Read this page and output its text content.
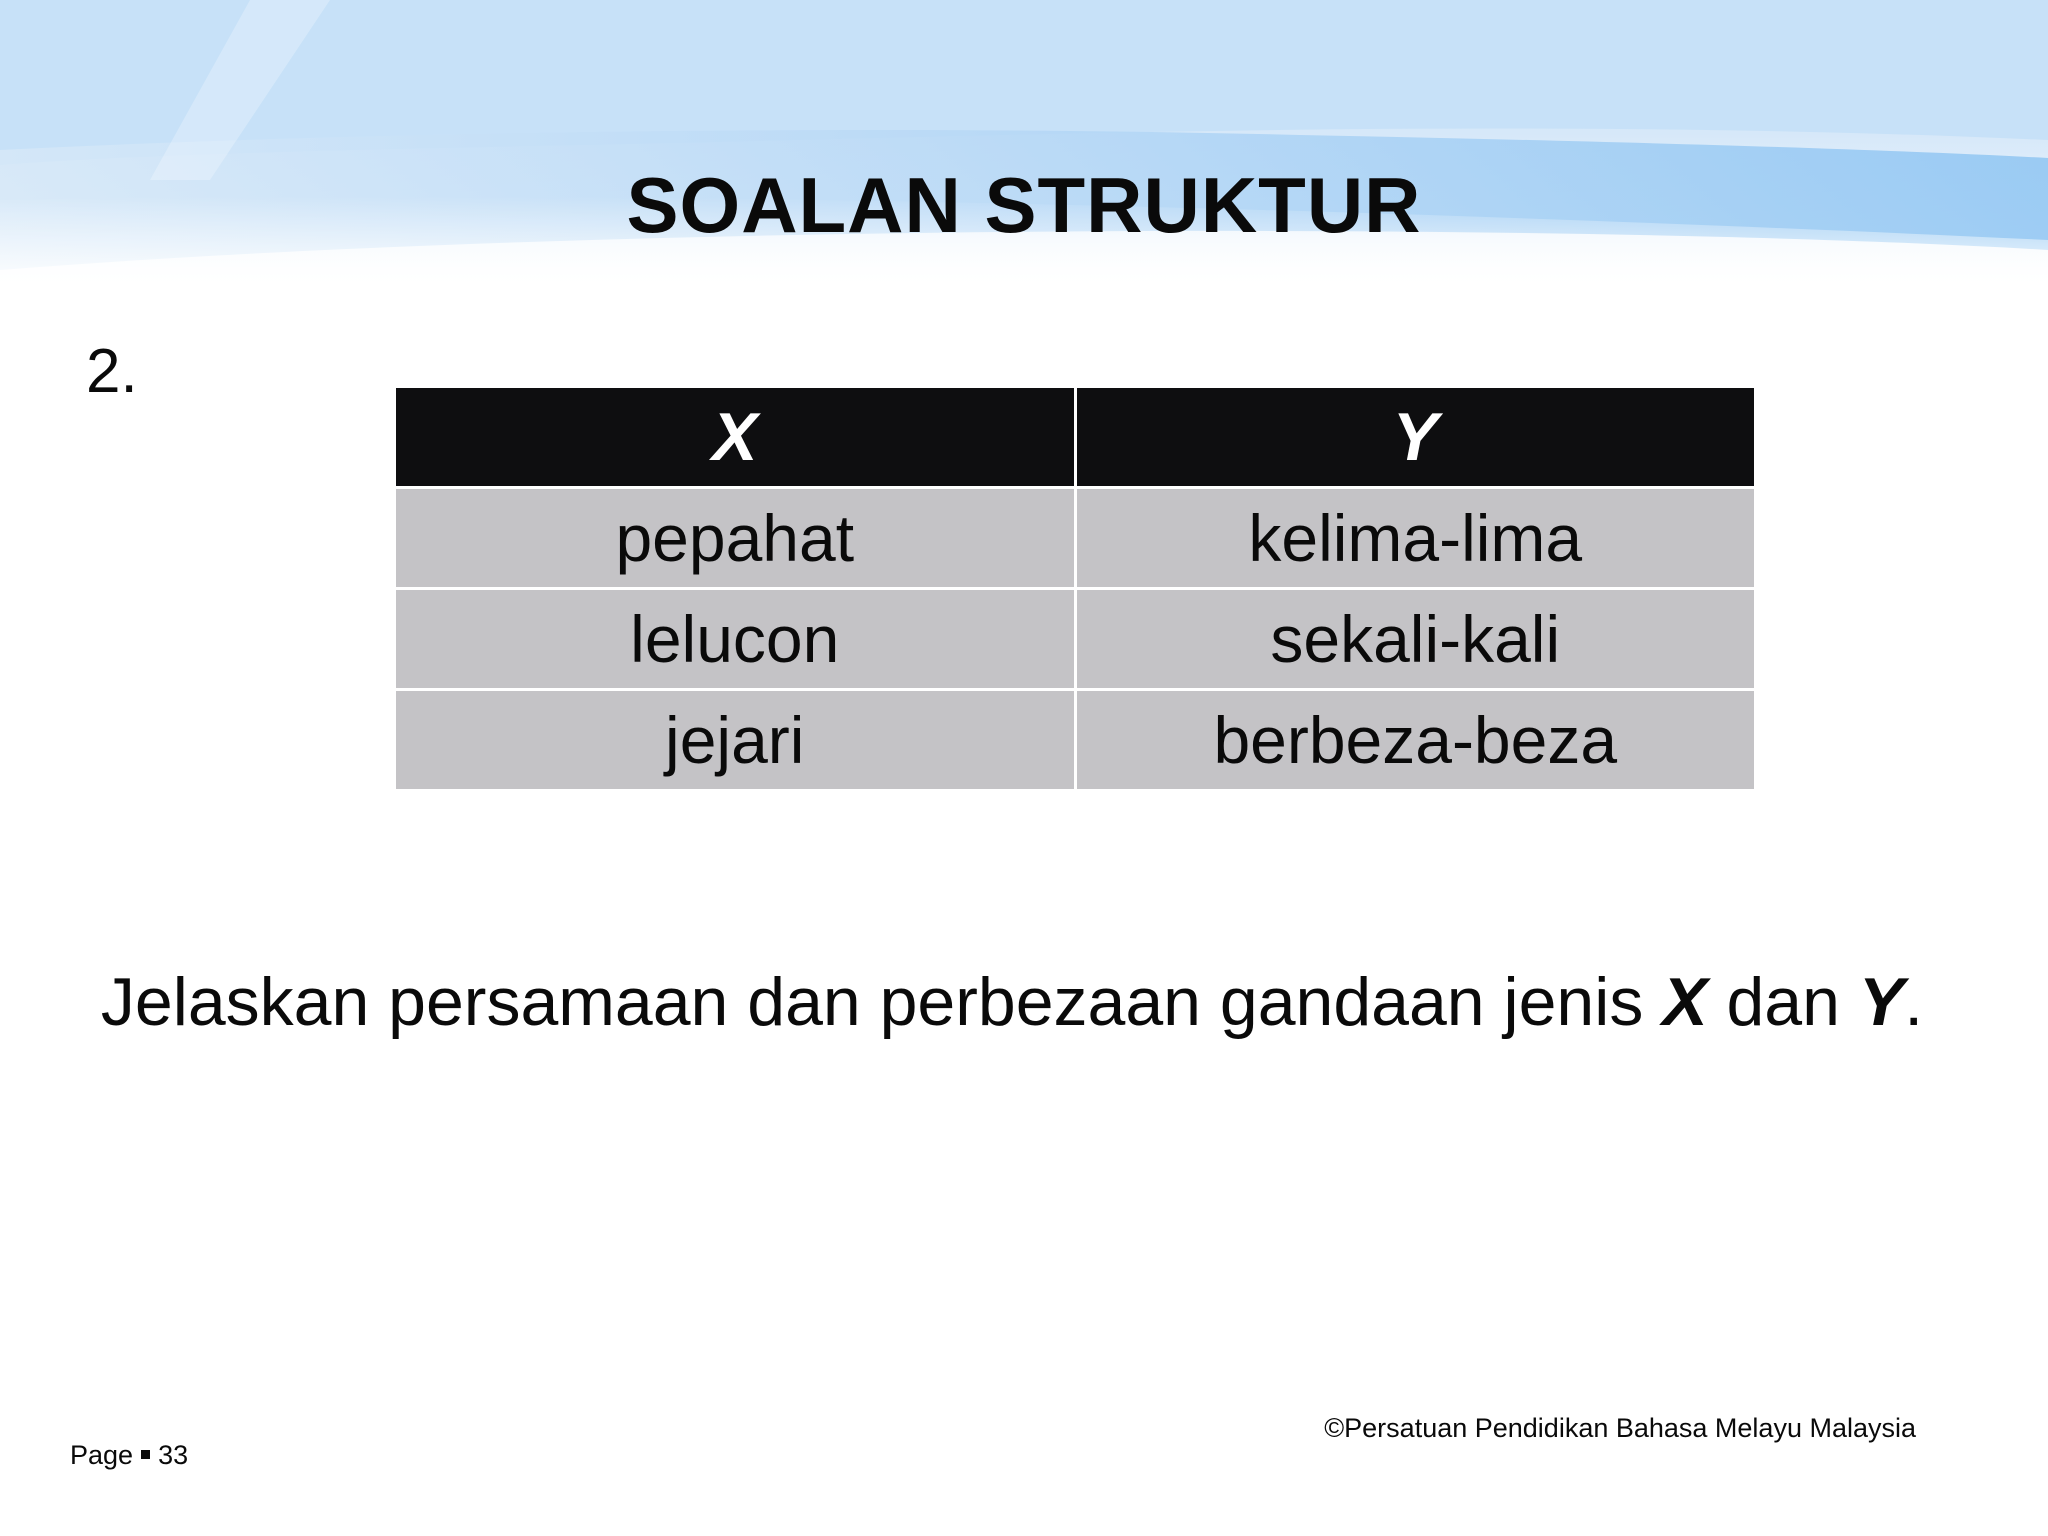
SOALAN STRUKTUR
2.
X	Y
pepahat	kelima-lima
lelucon	sekali-kali
jejari	berbeza-beza

Jelaskan persamaan dan perbezaan gandaan jenis X dan Y.

©Persatuan Pendidikan Bahasa Melayu Malaysia
Page 33
